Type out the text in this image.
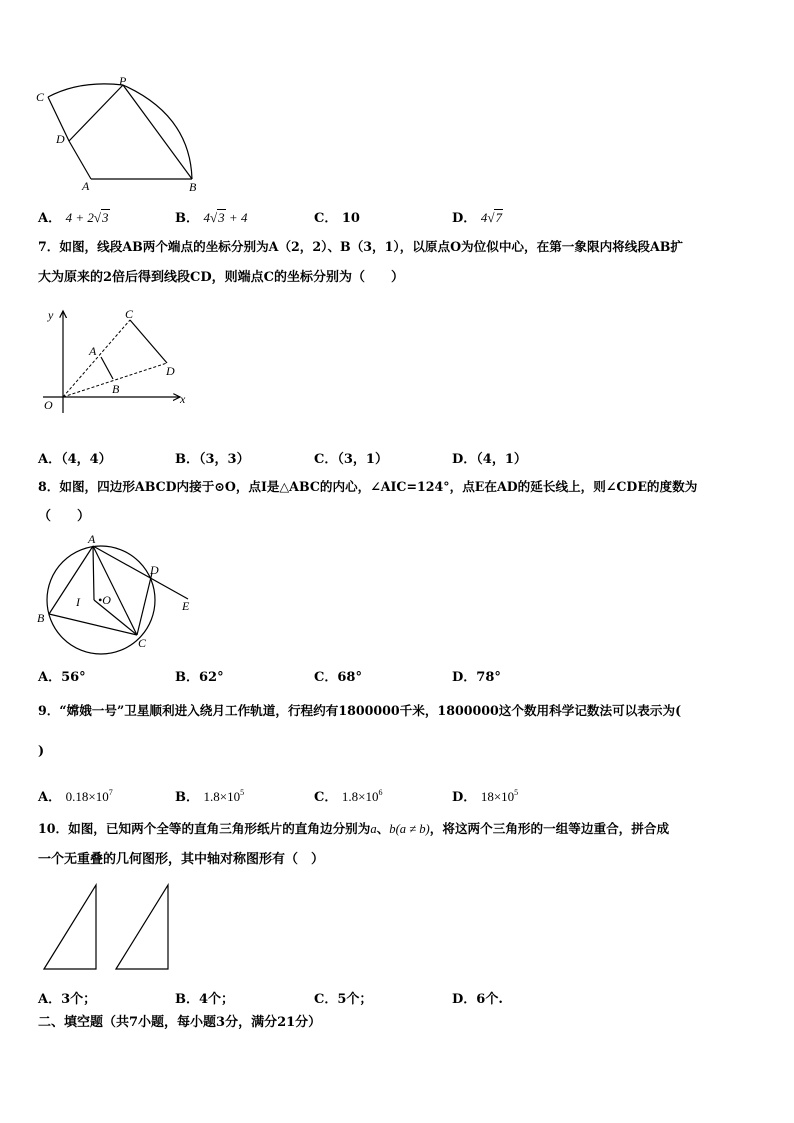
C
P
D
A	B
A． 4 + 2√3	B． 4√3 + 4	C． 10	D． 4√7
7．如图，线段AB两个端点的坐标分别为A（2，2）、B（3，1），以原点O为位似中心，在第一象限内将线段AB扩
大为原来的2倍后得到线段CD，则端点C的坐标分别为（　　）
y
x
O
A
B
C
D
A．（4，4）	B．（3，3）	C．（3，1）	D．（4，1）
8．如图，四边形ABCD内接于⊙O，点I是△ABC的内心，∠AIC=124°，点E在AD的延长线上，则∠CDE的度数为
（　　）
A
B
C
D
E
I •O
A．56°	B．62°	C．68°	D．78°
9．“嫦娥一号”卫星顺利进入绕月工作轨道，行程约有1800000千米，1800000这个数用科学记数法可以表示为(
)
A． $0.18\times 10^7$	B． $1.8\times 10^5$	C． $1.8\times 10^6$	D． $18\times 10^5$
10．如图，已知两个全等的直角三角形纸片的直角边分别为a、b(a ≠ b)，将这两个三角形的一组等边重合，拼合成
一个无重叠的几何图形，其中轴对称图形有（　）
A．3个；	B．4个；	C．5个；	D．6个.
二、填空题（共7小题，每小题3分，满分21分）
